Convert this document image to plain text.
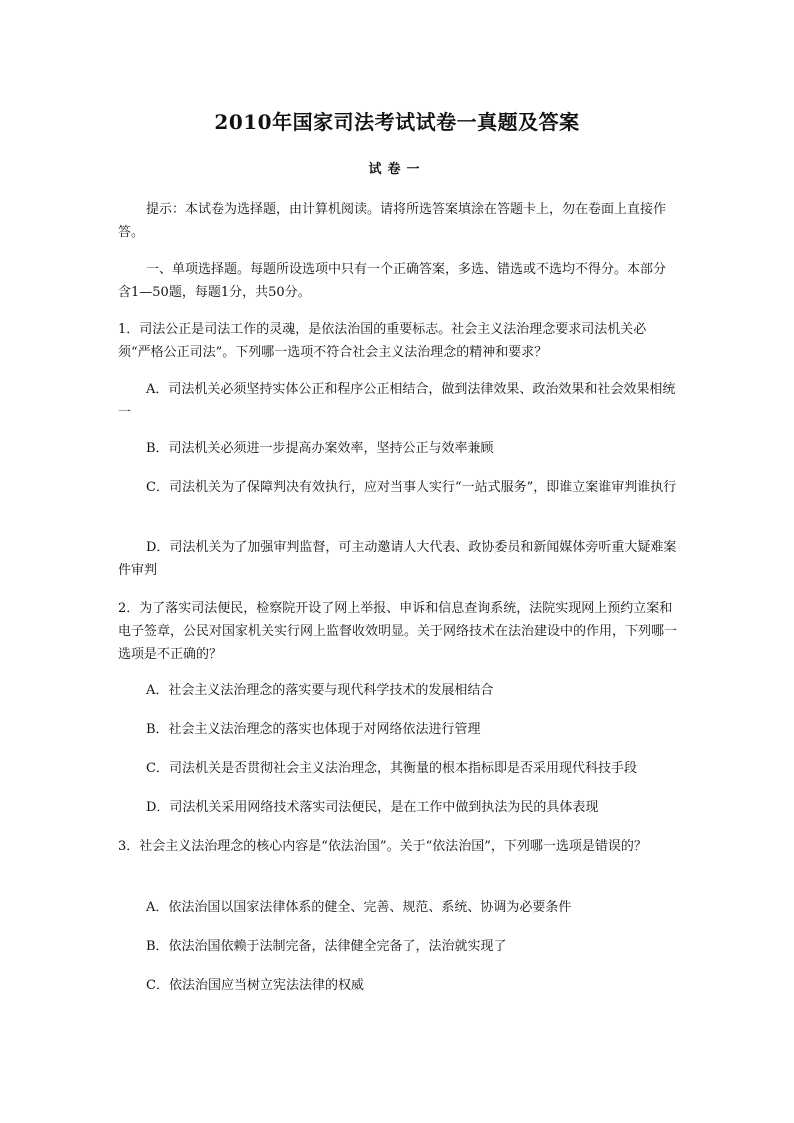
2010年国家司法考试试卷一真题及答案
试卷一
提示：本试卷为选择题，由计算机阅读。请将所选答案填涂在答题卡上，勿在卷面上直接作答。
一、单项选择题。每题所设选项中只有一个正确答案，多选、错选或不选均不得分。本部分含1—50题，每题1分，共50分。
1．司法公正是司法工作的灵魂，是依法治国的重要标志。社会主义法治理念要求司法机关必须“严格公正司法”。下列哪一选项不符合社会主义法治理念的精神和要求？
A．司法机关必须坚持实体公正和程序公正相结合，做到法律效果、政治效果和社会效果相统一
B．司法机关必须进一步提高办案效率，坚持公正与效率兼顾
C．司法机关为了保障判决有效执行，应对当事人实行“一站式服务”，即谁立案谁审判谁执行
D．司法机关为了加强审判监督，可主动邀请人大代表、政协委员和新闻媒体旁听重大疑难案件审判
2．为了落实司法便民，检察院开设了网上举报、申诉和信息查询系统，法院实现网上预约立案和电子签章，公民对国家机关实行网上监督收效明显。关于网络技术在法治建设中的作用，下列哪一选项是不正确的？
A．社会主义法治理念的落实要与现代科学技术的发展相结合
B．社会主义法治理念的落实也体现于对网络依法进行管理
C．司法机关是否贯彻社会主义法治理念，其衡量的根本指标即是否采用现代科技手段
D．司法机关采用网络技术落实司法便民，是在工作中做到执法为民的具体表现
3．社会主义法治理念的核心内容是“依法治国”。关于“依法治国”，下列哪一选项是错误的？
A．依法治国以国家法律体系的健全、完善、规范、系统、协调为必要条件
B．依法治国依赖于法制完备，法律健全完备了，法治就实现了
C．依法治国应当树立宪法法律的权威
